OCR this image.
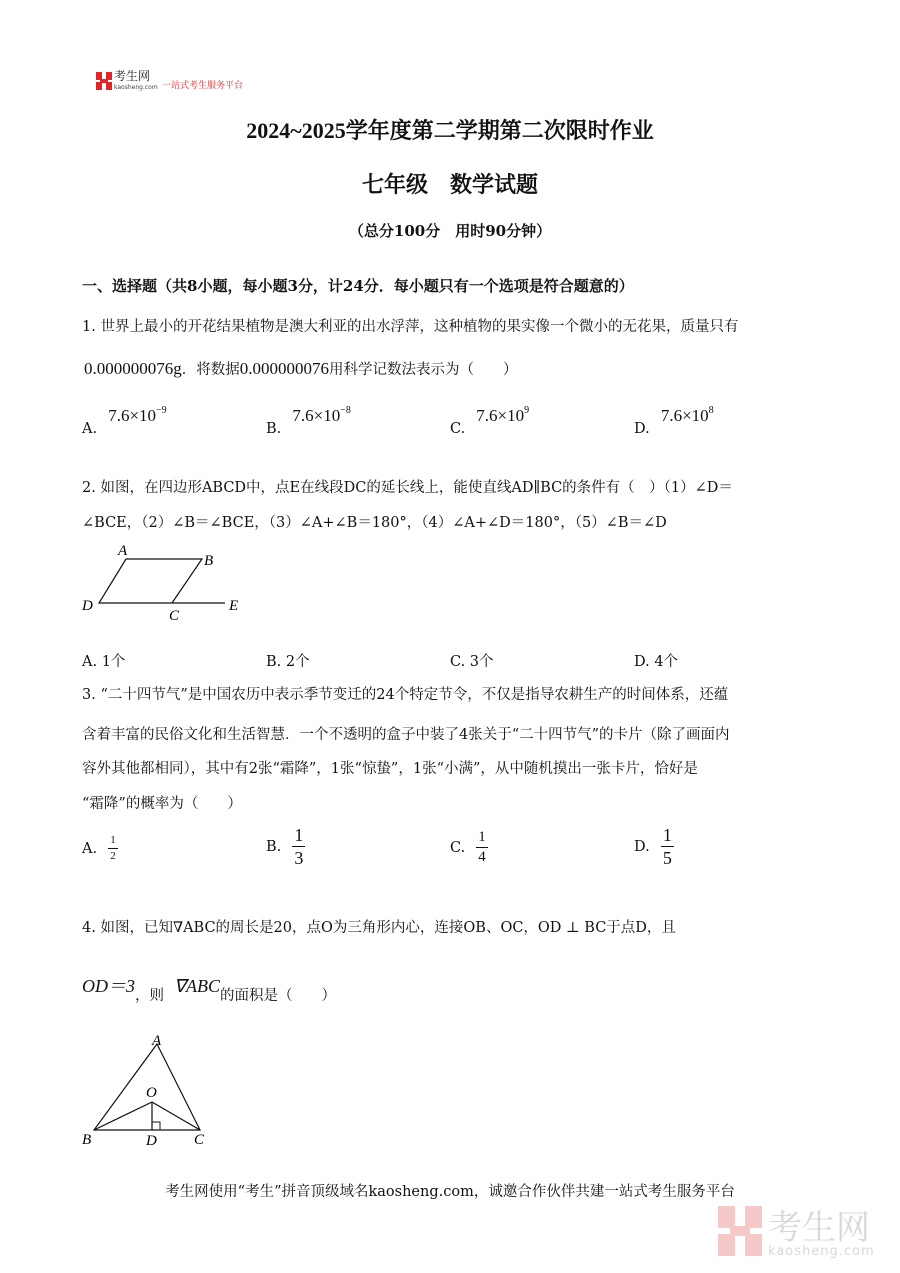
考生网
kaosheng.com 一站式考生服务平台
2024~2025学年度第二学期第二次限时作业
七年级　数学试题
（总分100分　用时90分钟）
一、选择题（共8小题，每小题3分，计24分．每小题只有一个选项是符合题意的）
1. 世界上最小的开花结果植物是澳大利亚的出水浮萍，这种植物的果实像一个微小的无花果，质量只有
0.000000076g．将数据0.000000076用科学记数法表示为（　　）
A. $7.6\times 10^{-9}$
B. $7.6\times 10^{-8}$
C. $7.6\times 10^9$
D. $7.6\times 10^8$
2. 如图，在四边形ABCD中，点E在线段DC的延长线上，能使直线AD∥BC的条件有（　）（1）∠D＝
∠BCE，（2）∠B＝∠BCE，（3）∠A+∠B＝180°，（4）∠A+∠D＝180°，（5）∠B＝∠D
A
B
D
C
E
A. 1个	B. 2个	C. 3个	D. 4个
3. “二十四节气”是中国农历中表示季节变迁的24个特定节令，不仅是指导农耕生产的时间体系，还蕴
含着丰富的民俗文化和生活智慧．一个不透明的盒子中装了4张关于“二十四节气”的卡片（除了画面内
容外其他都相同），其中有2张“霜降”，1张“惊蛰”，1张“小满”，从中随机摸出一张卡片，恰好是
“霜降”的概率为（　　）
A. $\frac{1}{2}$	B. $\frac{1}{3}$	C. $\frac{1}{4}$	D. $\frac{1}{5}$
4. 如图，已知∇ABC的周长是20，点O为三角形内心，连接OB、OC，OD ⊥ BC于点D，且
OD＝3，则 ∇ABC的面积是（　　）
A
O
B	D C
考生网使用“考生”拼音顶级域名kaosheng.com，诚邀合作伙伴共建一站式考生服务平台
考生网
kaosheng.com
